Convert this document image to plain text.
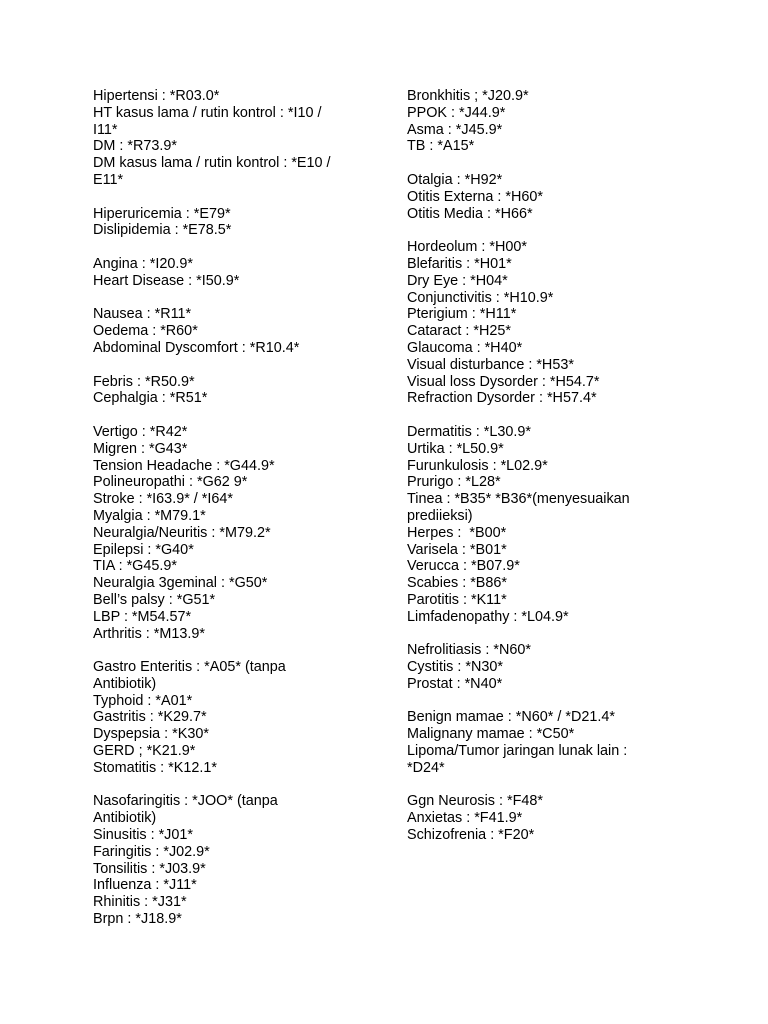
Hipertensi : *R03.0*
HT kasus lama / rutin kontrol : *I10 /
I11*
DM : *R73.9*
DM kasus lama / rutin kontrol : *E10 /
E11*
Hiperuricemia : *E79*
Dislipidemia : *E78.5*
Angina : *I20.9*
Heart Disease : *I50.9*
Nausea : *R11*
Oedema : *R60*
Abdominal Dyscomfort : *R10.4*
Febris : *R50.9*
Cephalgia : *R51*
Vertigo : *R42*
Migren : *G43*
Tension Headache : *G44.9*
Polineuropathi : *G62 9*
Stroke : *I63.9* / *I64*
Myalgia : *M79.1*
Neuralgia/Neuritis : *M79.2*
Epilepsi : *G40*
TIA : *G45.9*
Neuralgia 3geminal : *G50*
Bell’s palsy : *G51*
LBP : *M54.57*
Arthritis : *M13.9*
Gastro Enteritis : *A05* (tanpa
Antibiotik)
Typhoid : *A01*
Gastritis : *K29.7*
Dyspepsia : *K30*
GERD ; *K21.9*
Stomatitis : *K12.1*
Nasofaringitis : *JOO* (tanpa
Antibiotik)
Sinusitis : *J01*
Faringitis : *J02.9*
Tonsilitis : *J03.9*
Influenza : *J11*
Rhinitis : *J31*
Brpn : *J18.9*
Bronkhitis ; *J20.9*
PPOK : *J44.9*
Asma : *J45.9*
TB : *A15*
Otalgia : *H92*
Otitis Externa : *H60*
Otitis Media : *H66*
Hordeolum : *H00*
Blefaritis : *H01*
Dry Eye : *H04*
Conjunctivitis : *H10.9*
Pterigium : *H11*
Cataract : *H25*
Glaucoma : *H40*
Visual disturbance : *H53*
Visual loss Dysorder : *H54.7*
Refraction Dysorder : *H57.4*
Dermatitis : *L30.9*
Urtika : *L50.9*
Furunkulosis : *L02.9*
Prurigo : *L28*
Tinea : *B35* *B36*(menyesuaikan
prediieksi)
Herpes :  *B00*
Varisela : *B01*
Verucca : *B07.9*
Scabies : *B86*
Parotitis : *K11*
Limfadenopathy : *L04.9*
Nefrolitiasis : *N60*
Cystitis : *N30*
Prostat : *N40*
Benign mamae : *N60* / *D21.4*
Malignany mamae : *C50*
Lipoma/Tumor jaringan lunak lain :
*D24*
Ggn Neurosis : *F48*
Anxietas : *F41.9*
Schizofrenia : *F20*
